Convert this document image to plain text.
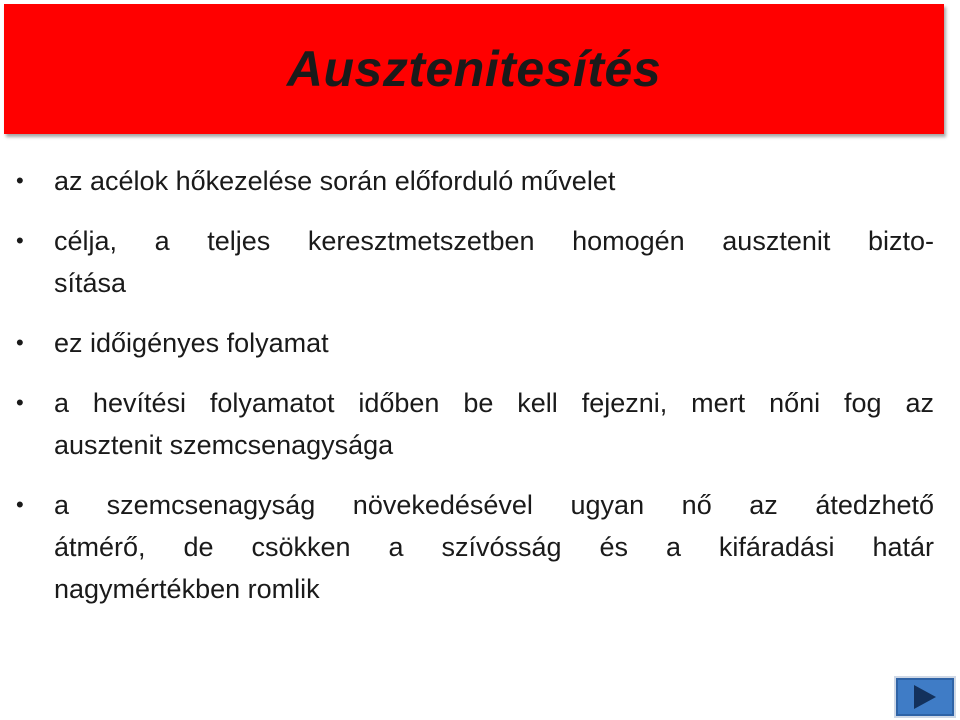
Ausztenitesítés
• az acélok hőkezelése során előforduló művelet
• célja, a teljes keresztmetszetben homogén ausztenit bizto-
sítása
• ez időigényes folyamat
• a hevítési folyamatot időben be kell fejezni, mert nőni fog az
ausztenit szemcsenagysága
• a szemcsenagyság növekedésével ugyan nő az átedzhető
átmérő, de csökken a szívósság és a kifáradási határ
nagymértékben romlik
